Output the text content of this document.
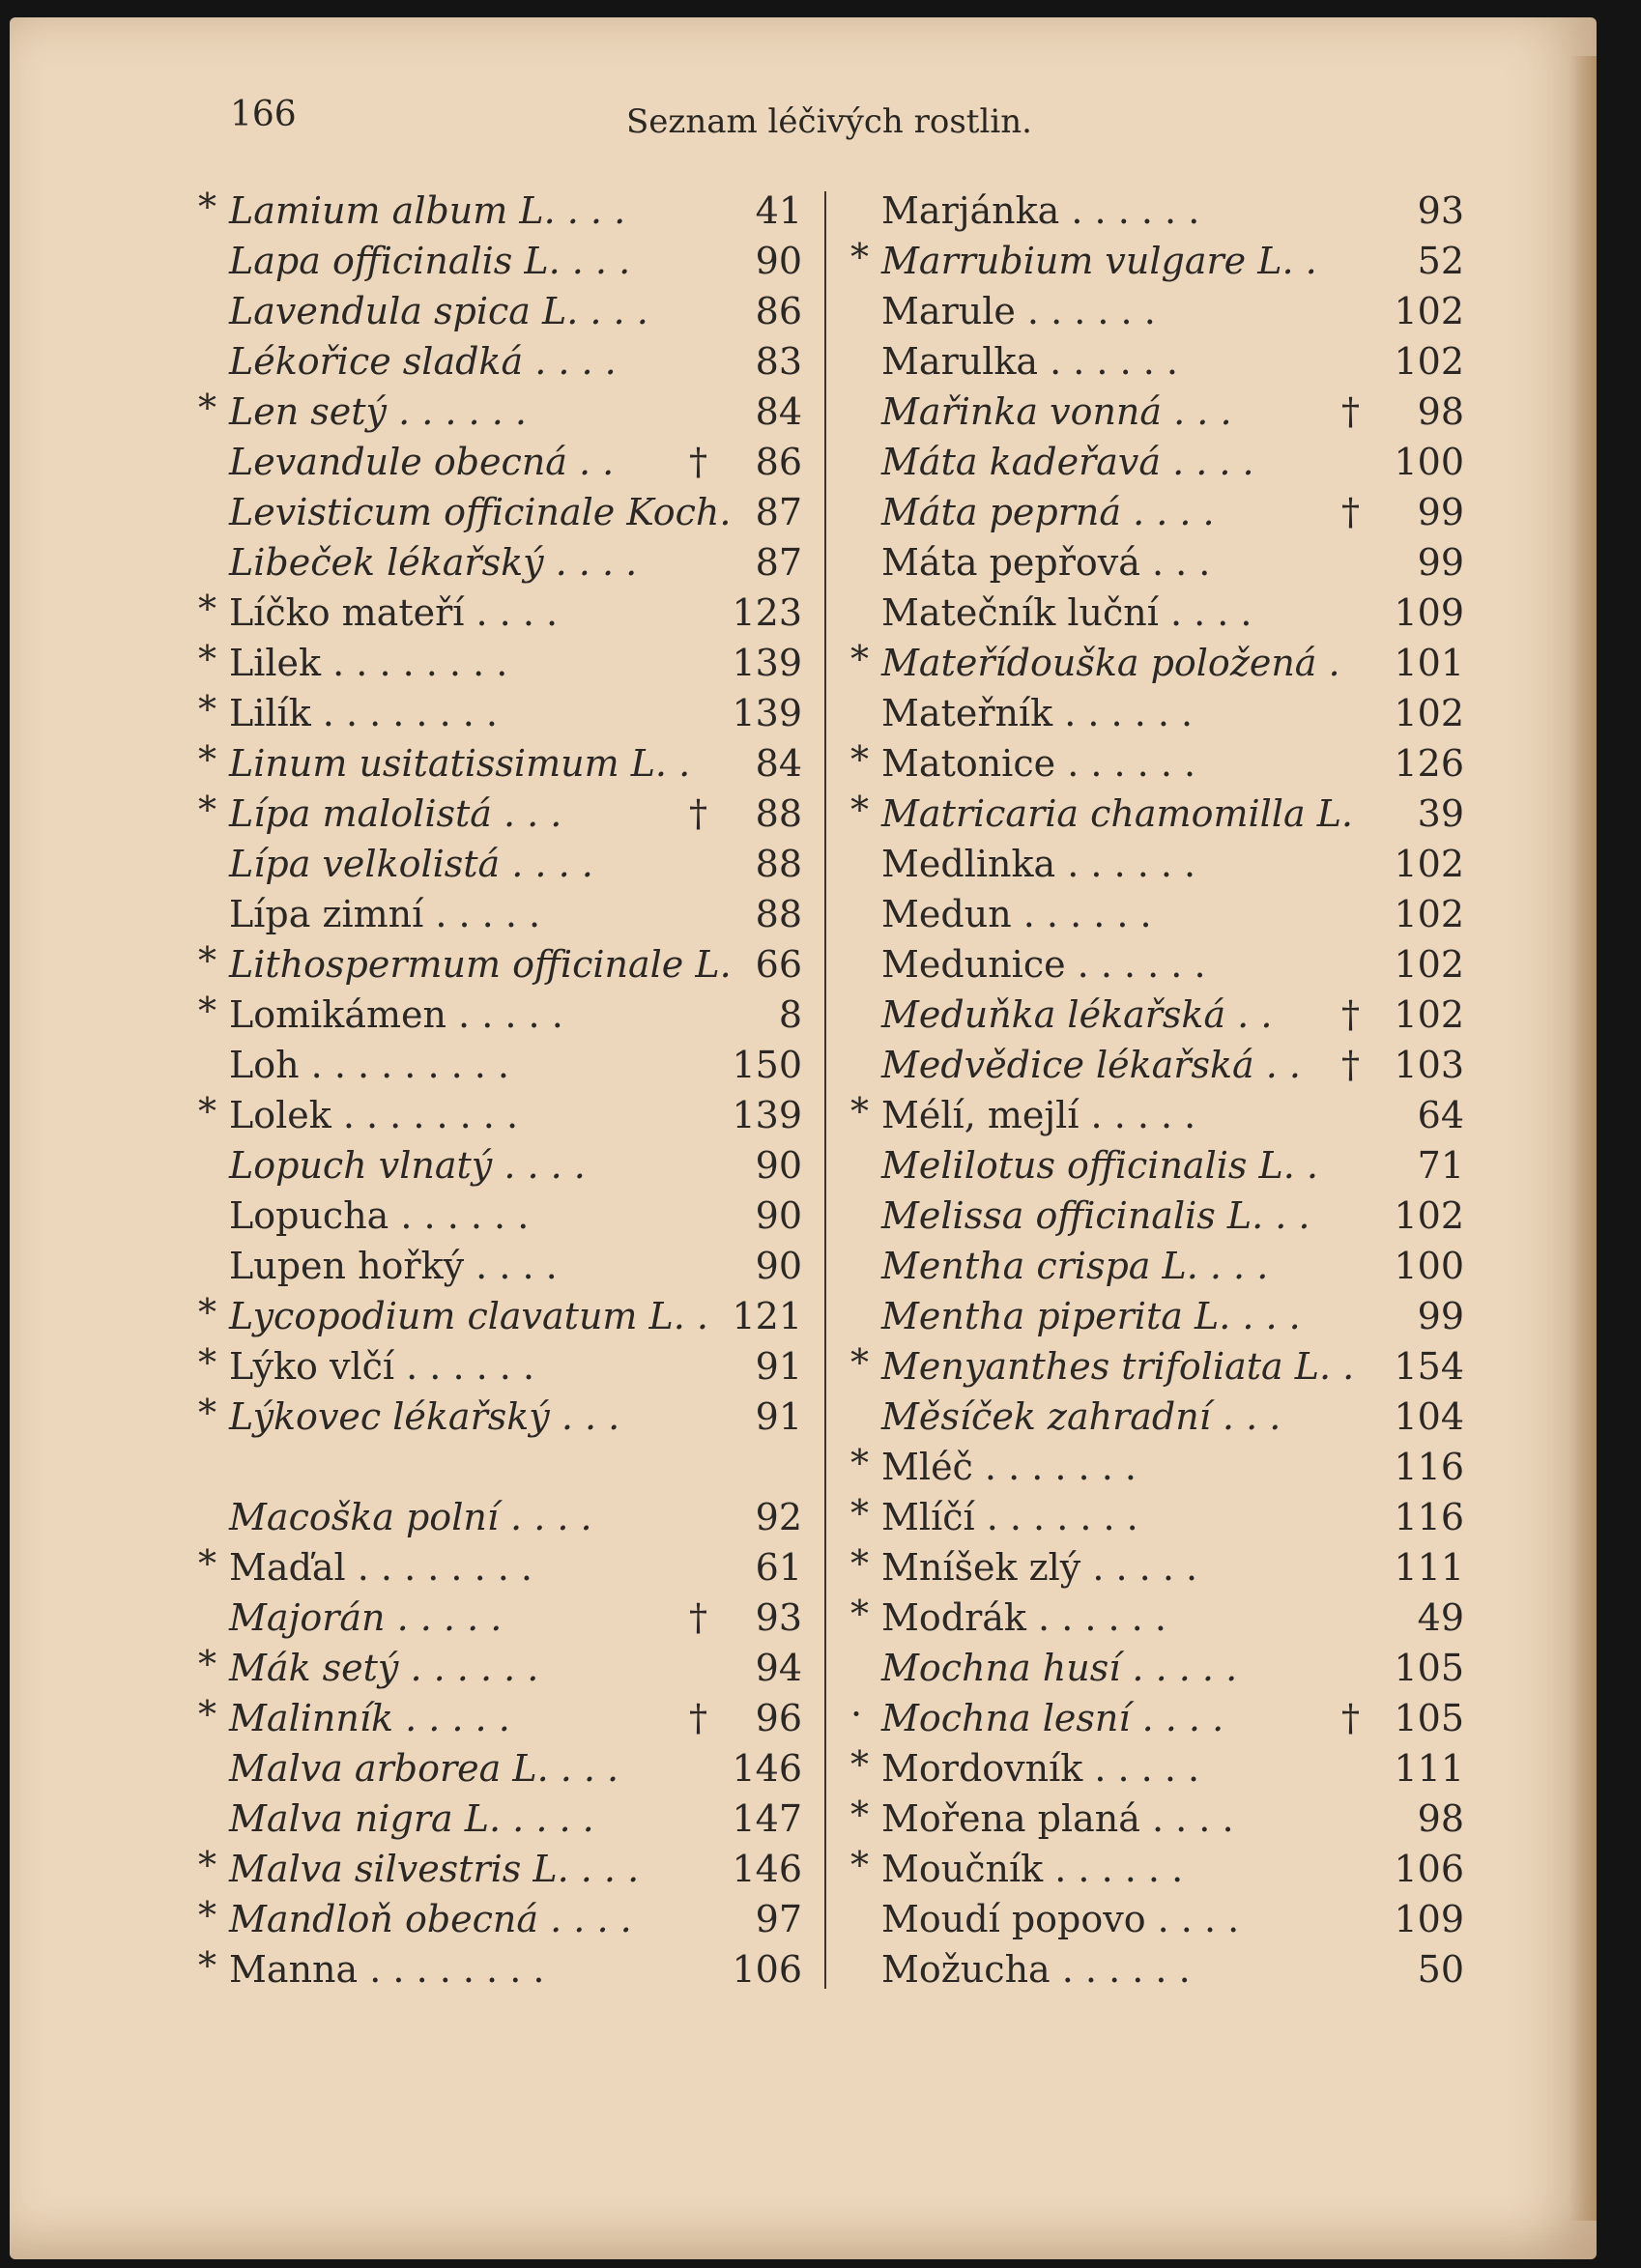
166	Seznam léčivých rostlin.
* Lamium album L. . . .	41
Lapa officinalis L. . . .	90
Lavendula spica L. . . .	86
Lékořice sladká . . . .	83
* Len setý . . . . . .	84
Levandule obecná . . † 86
Levisticum officinale Koch. 87
Libeček lékařský . . . .	87
* Líčko mateří . . . .	123
* Lilek . . . . . . . .	139
* Lilík . . . . . . . .	139
* Linum usitatissimum L. . 84
* Lípa malolistá . . .	† 88
Lípa velkolistá . . . .	88
Lípa zimní . . . . .	88
* Lithospermum officinale L. 66
* Lomikámen . . . . .	8
Loh . . . . . . . . .	150
* Lolek . . . . . . . .	139
Lopuch vlnatý . . . .	90
Lopucha . . . . . .	90
Lupen hořký . . . .	90
* Lycopodium clavatum L. . 121
* Lýko vlčí . . . . . .	91
* Lýkovec lékařský . . .	91
Macoška polní . . . .	92
* Maďal . . . . . . . .	61
Majorán . . . . .	† 93
* Mák setý . . . . . .	94
* Malinník . . . . .	† 96
Malva arborea L. . . .	146
Malva nigra L. . . . .	147
* Malva silvestris L. . . .	146
* Mandloň obecná . . . .	97
* Manna . . . . . . . .	106
Marjánka . . . . . .	93
* Marrubium vulgare L. .	52
Marule . . . . . .	102
Marulka . . . . . .	102
Mařinka vonná . . .	† 98
Máta kadeřavá . . . .	100
Máta peprná . . . .	† 99
Máta pepřová . . .	99
Matečník luční . . . .	109
* Mateřídouška položená . 101
Mateřník . . . . . .	102
* Matonice . . . . . .	126
* Matricaria chamomilla L. 39
Medlinka . . . . . .	102
Medun . . . . . .	102
Medunice . . . . . .	102
Meduňka lékařská . . † 102
Medvědice lékařská . . † 103
* Mélí, mejlí . . . . .	64
Melilotus officinalis L. .	71
Melissa officinalis L. . . 102
Mentha crispa L. . . .	100
Mentha piperita L. . . .	99
* Menyanthes trifoliata L. . 154
Měsíček zahradní . . .	104
* Mléč . . . . . . .	116
* Mlíčí . . . . . . .	116
* Mníšek zlý . . . . .	111
* Modrák . . . . . .	49
Mochna husí . . . . .	105
· Mochna lesní . . . .	† 105
* Mordovník . . . . .	111
* Mořena planá . . . .	98
* Moučník . . . . . .	106
Moudí popovo . . . .	109
Možucha . . . . . .	50
